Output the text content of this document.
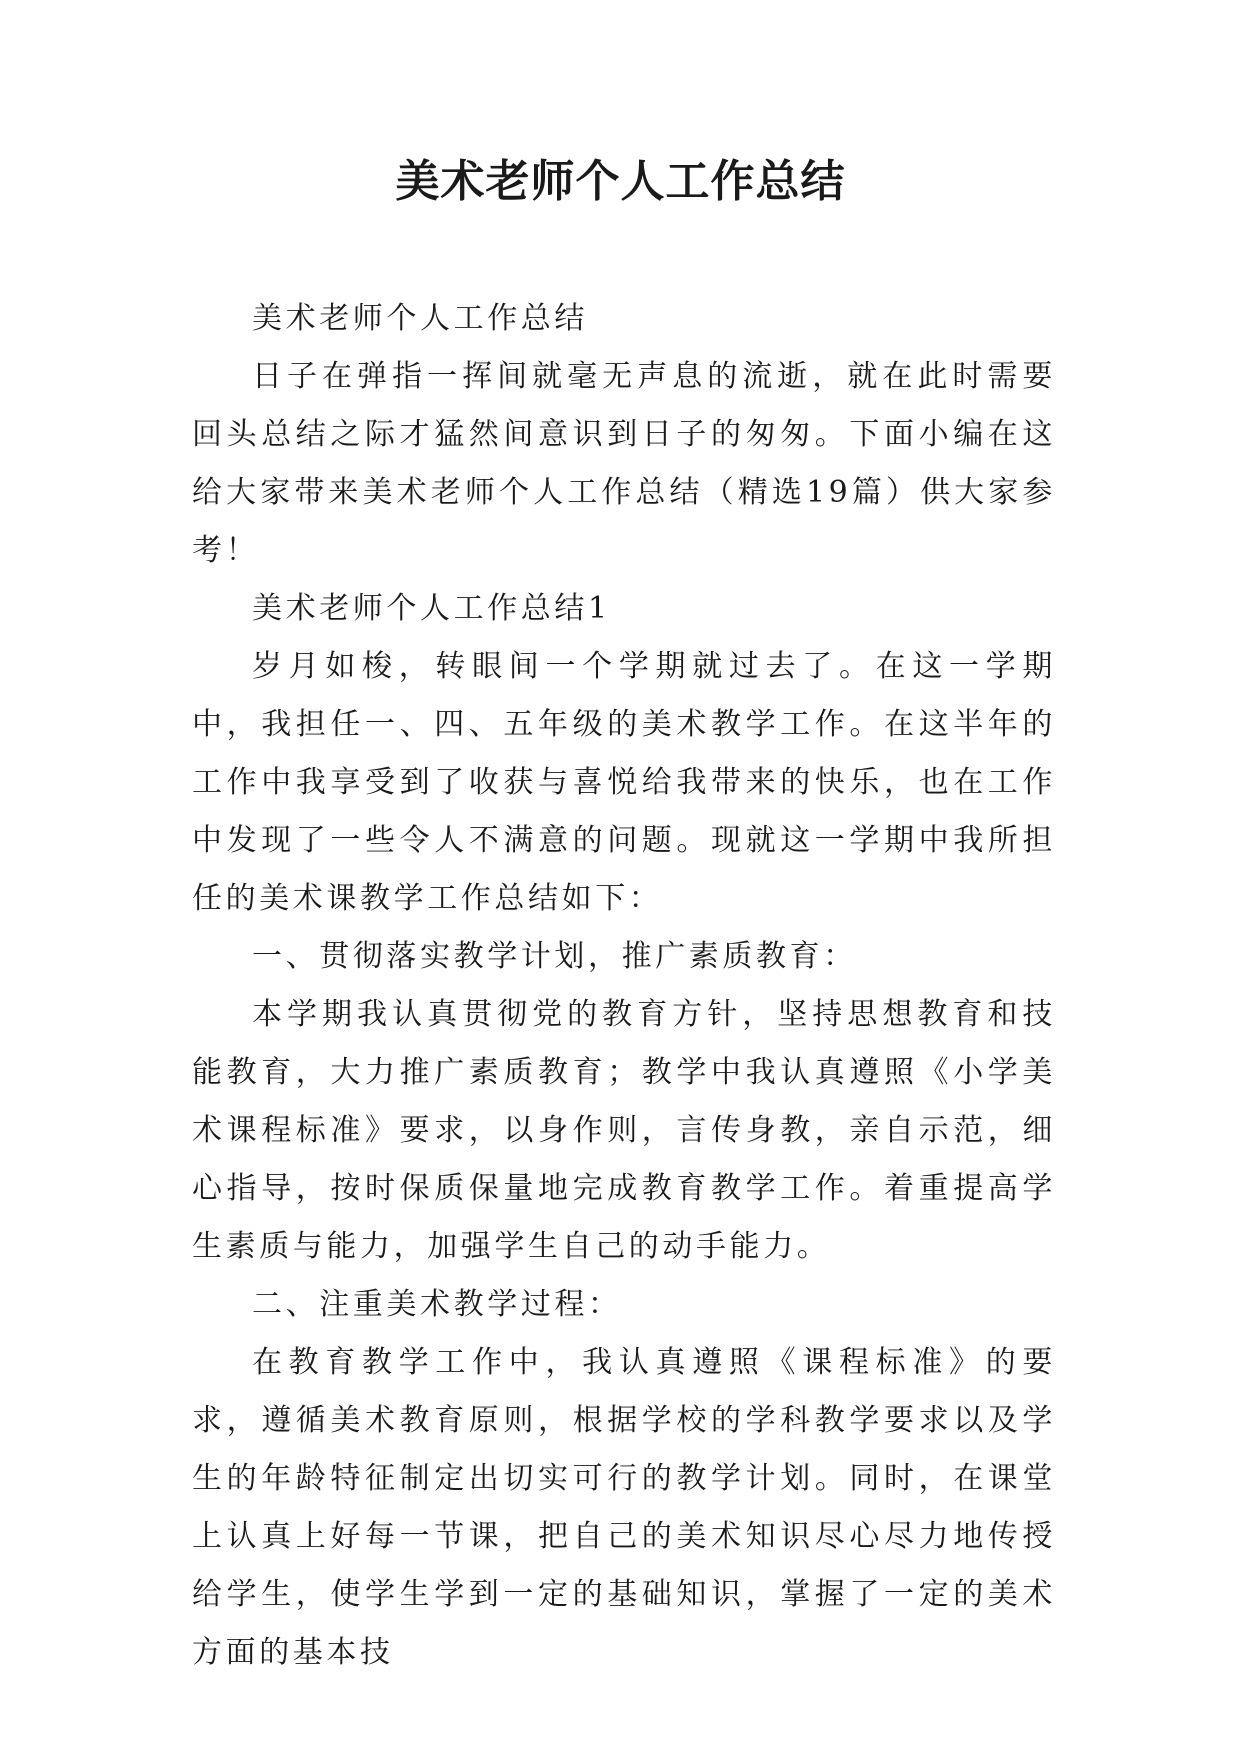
美术老师个人工作总结

美术老师个人工作总结

日子在弹指一挥间就毫无声息的流逝，就在此时需要回头总结之际才猛然间意识到日子的匆匆。下面小编在这给大家带来美术老师个人工作总结（精选19篇）供大家参考！

美术老师个人工作总结1

岁月如梭，转眼间一个学期就过去了。在这一学期中，我担任一、四、五年级的美术教学工作。在这半年的工作中我享受到了收获与喜悦给我带来的快乐，也在工作中发现了一些令人不满意的问题。现就这一学期中我所担任的美术课教学工作总结如下：

一、贯彻落实教学计划，推广素质教育：

本学期我认真贯彻党的教育方针，坚持思想教育和技能教育，大力推广素质教育；教学中我认真遵照《小学美术课程标准》要求，以身作则，言传身教，亲自示范，细心指导，按时保质保量地完成教育教学工作。着重提高学生素质与能力，加强学生自己的动手能力。

二、注重美术教学过程：

在教育教学工作中，我认真遵照《课程标准》的要求，遵循美术教育原则，根据学校的学科教学要求以及学生的年龄特征制定出切实可行的教学计划。同时，在课堂上认真上好每一节课，把自己的美术知识尽心尽力地传授给学生，使学生学到一定的基础知识，掌握了一定的美术方面的基本技
